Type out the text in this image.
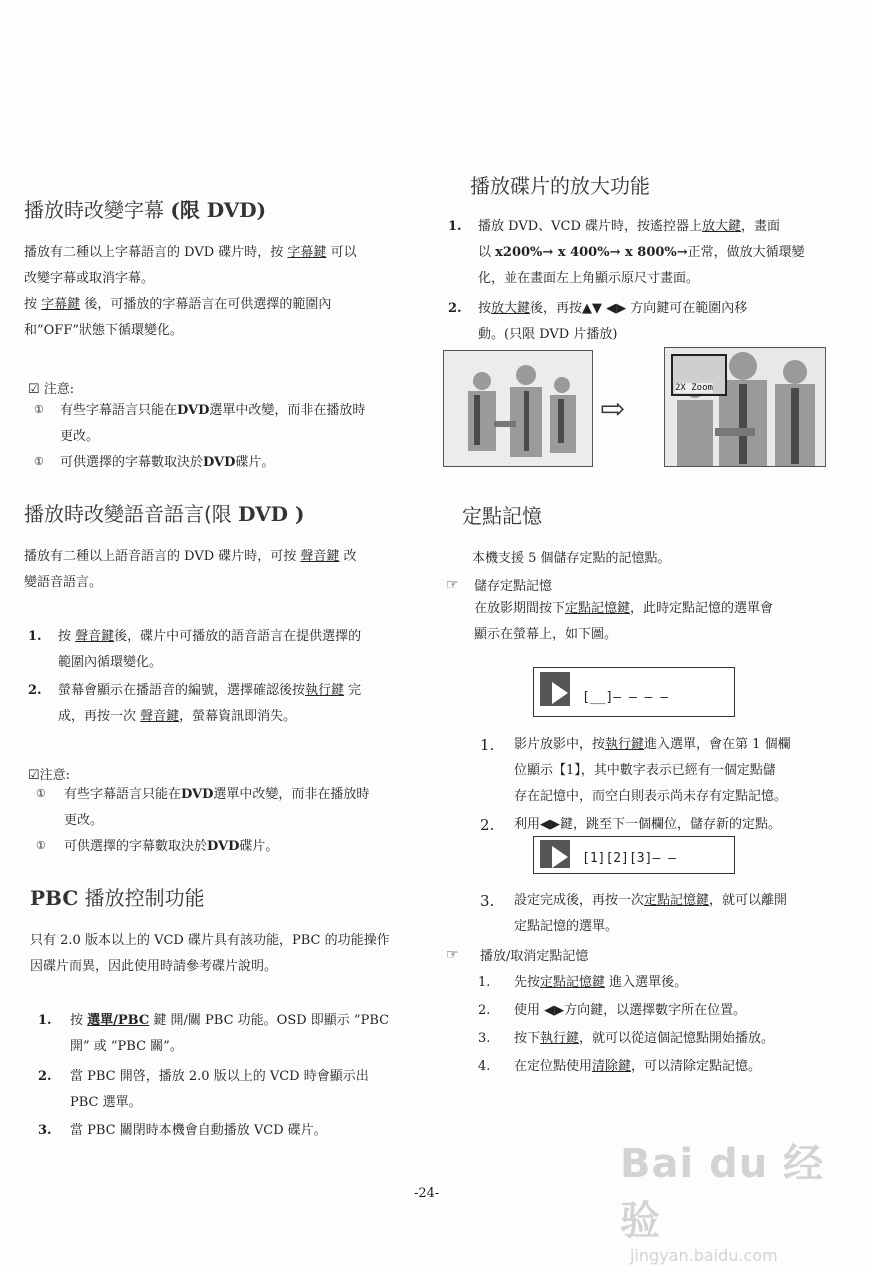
播放時改變字幕 (限 DVD)
播放有二種以上字幕語言的 DVD 碟片時，按 字幕鍵 可以
改變字幕或取消字幕。
按 字幕鍵 後，可播放的字幕語言在可供選擇的範圍內
和”OFF”狀態下循環變化。
☑ 注意:
① 有些字幕語言只能在DVD選單中改變，而非在播放時
更改。
① 可供選擇的字幕數取決於DVD碟片。
播放時改變語音語言(限 DVD )
播放有二種以上語音語言的 DVD 碟片時，可按 聲音鍵 改
變語音語言。
1. 按 聲音鍵後，碟片中可播放的語音語言在提供選擇的
範圍內循環變化。
2. 螢幕會顯示在播語音的編號，選擇確認後按執行鍵 完
成，再按一次 聲音鍵，螢幕資訊即消失。
☑注意:
① 有些字幕語言只能在DVD選單中改變，而非在播放時
更改。
① 可供選擇的字幕數取決於DVD碟片。
PBC 播放控制功能
只有 2.0 版本以上的 VCD 碟片具有該功能，PBC 的功能操作
因碟片而異，因此使用時請參考碟片說明。
1. 按 選單/PBC 鍵 開/關 PBC 功能。OSD 即顯示 ”PBC
開” 或 ”PBC 關”。
2. 當 PBC 開啓，播放 2.0 版以上的 VCD 時會顯示出
PBC 選單。
3. 當 PBC 關閉時本機會自動播放 VCD 碟片。
播放碟片的放大功能
1. 播放 DVD、VCD 碟片時，按遙控器上放大鍵，畫面
以 x200%→ x 400%→ x 800%→正常，做放大循環變
化，並在畫面左上角顯示原尺寸畫面。
2. 按放大鍵後，再按▲▼ ◀▶ 方向鍵可在範圍內移
動。(只限 DVD 片播放)
⇨
2X Zoom
定點記憶
本機支援 5 個儲存定點的記憶點。
☞ 儲存定點記憶
在放影期間按下定點記憶鍵，此時定點記憶的選單會
顯示在螢幕上，如下圖。
[__]— — — —
1. 影片放影中，按執行鍵進入選單，會在第 1 個欄
位顯示【1】，其中數字表示已經有一個定點儲
存在記憶中，而空白則表示尚未存有定點記憶。
2. 利用◀▶鍵，跳至下一個欄位，儲存新的定點。
[1][2][3]— —
3. 設定完成後，再按一次定點記憶鍵，就可以離開
定點記憶的選單。
☞ 播放/取消定點記憶
1. 先按定點記憶鍵 進入選單後。
2. 使用 ◀▶方向鍵，以選擇數字所在位置。
3. 按下執行鍵，就可以從這個記憶點開始播放。
4. 在定位點使用清除鍵，可以清除定點記憶。
-24-
Bai du 经验
jingyan.baidu.com
